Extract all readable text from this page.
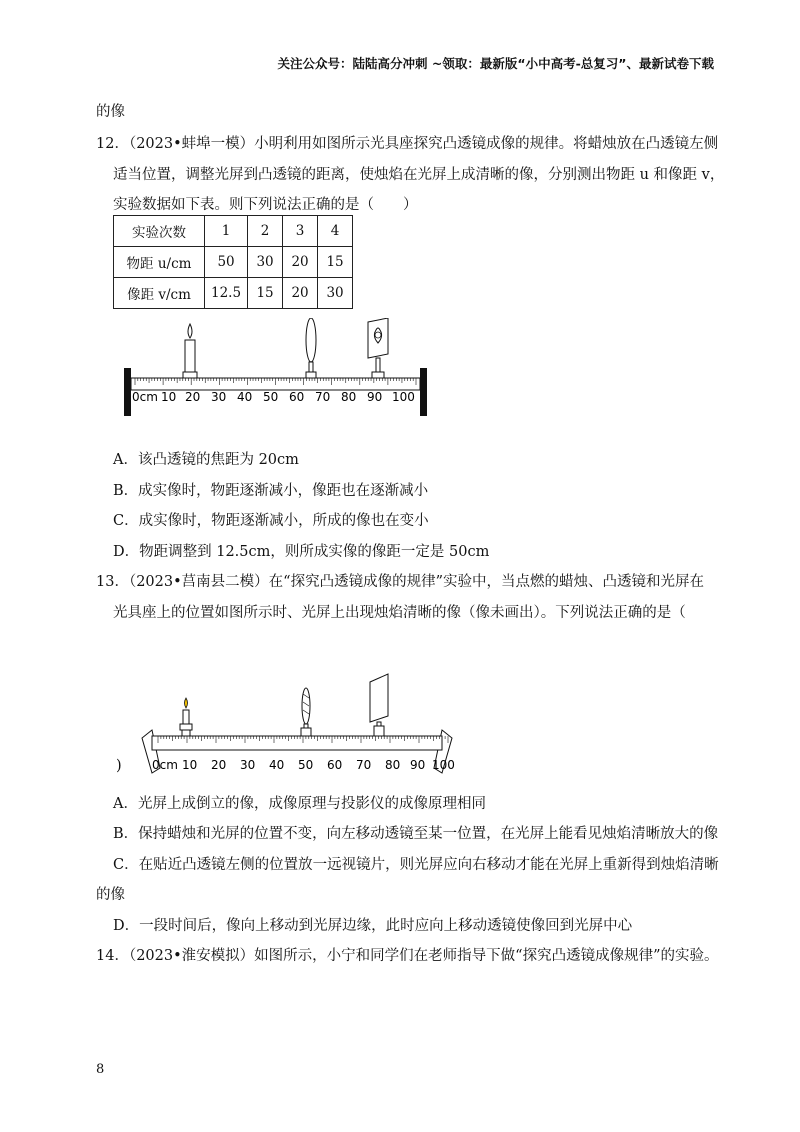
关注公众号：陆陆高分冲刺 ~领取：最新版“小中高考-总复习”、最新试卷下载
的像
12．（2023•蚌埠一模）小明利用如图所示光具座探究凸透镜成像的规律。将蜡烛放在凸透镜左侧
适当位置，调整光屏到凸透镜的距离，使烛焰在光屏上成清晰的像，分别测出物距 u 和像距 v，
实验数据如下表。则下列说法正确的是（　　）
实验次数	1	2	3	4
物距 u/cm	50	30	20	15
像距 v/cm	12.5	15	20	30
0cm 10 20 30 40 50 60 70 80 90 100
A．该凸透镜的焦距为 20cm
B．成实像时，物距逐渐减小，像距也在逐渐减小
C．成实像时，物距逐渐减小，所成的像也在变小
D．物距调整到 12.5cm，则所成实像的像距一定是 50cm
13．（2023•莒南县二模）在“探究凸透镜成像的规律”实验中，当点燃的蜡烛、凸透镜和光屏在
光具座上的位置如图所示时、光屏上出现烛焰清晰的像（像未画出）。下列说法正确的是（
0cm 10 20 30 40 50 60 70 80 90 100
)
A．光屏上成倒立的像，成像原理与投影仪的成像原理相同
B．保持蜡烛和光屏的位置不变，向左移动透镜至某一位置，在光屏上能看见烛焰清晰放大的像
C．在贴近凸透镜左侧的位置放一远视镜片，则光屏应向右移动才能在光屏上重新得到烛焰清晰
的像
D．一段时间后，像向上移动到光屏边缘，此时应向上移动透镜使像回到光屏中心
14．（2023•淮安模拟）如图所示，小宁和同学们在老师指导下做“探究凸透镜成像规律”的实验。
8
